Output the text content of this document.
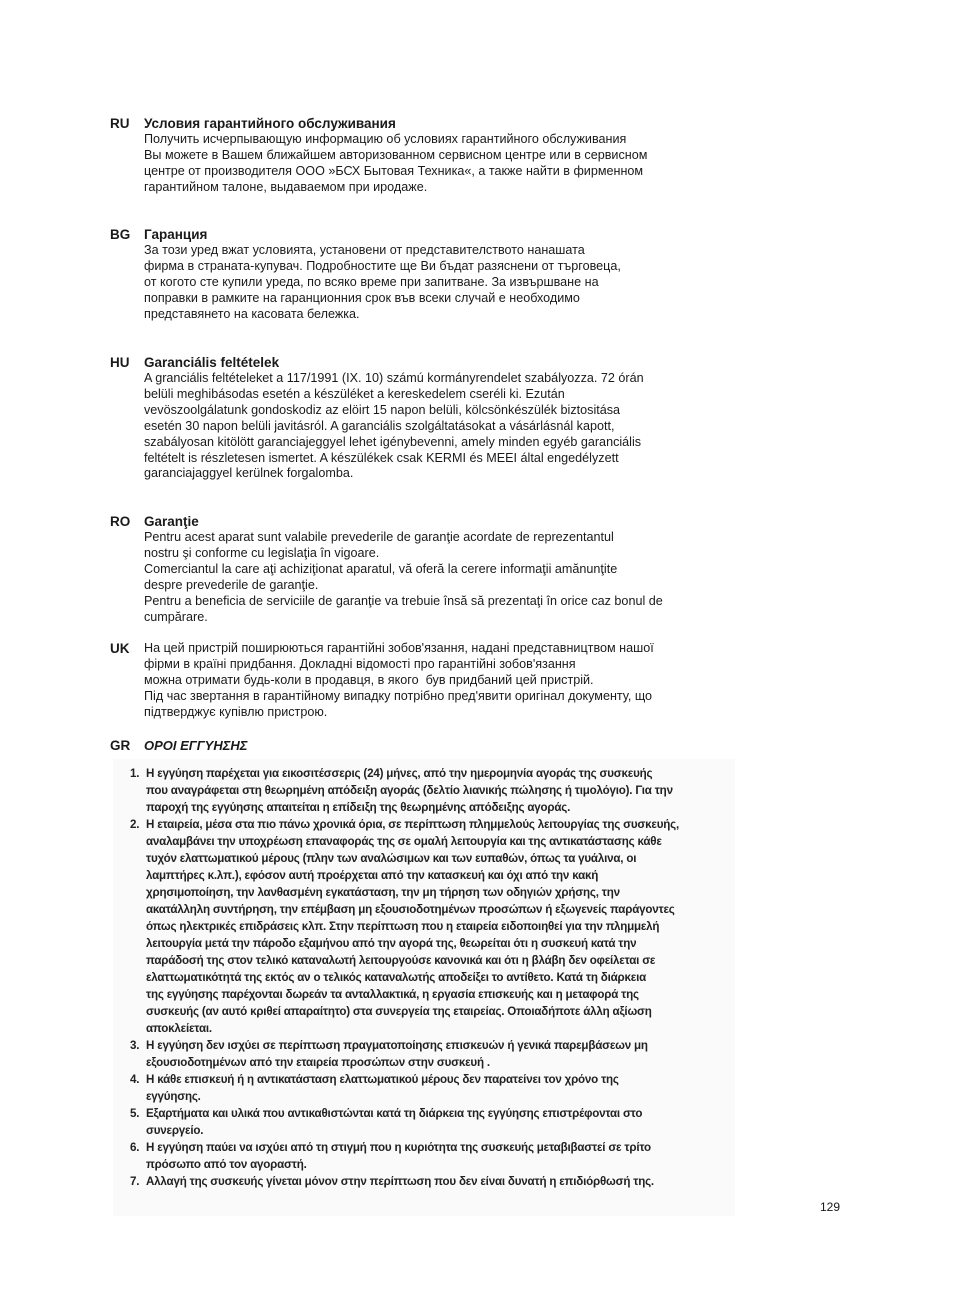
RU Условия гарантийного обслуживания
Получить исчерпывающую информацию об условиях гарантийного обслуживания
Вы можете в Вашем ближайшем авторизованном сервисном центре или в сервисном
центре от производителя ООО »БСХ Бытовая Техника«, а также найти в фирменном
гарантийном талоне, выдаваемом при иродаже.
BG Гаранция
За този уред вжат условията, установени от представителството нанашата
фирма в страната-купувач. Подробностите ще Ви бъдат разяснени от търговеца,
от когото сте купили уреда, по всяко време при запитване. За извършване на
поправки в рамките на гаранционния срок във всеки случай е необходимо
представянето на касовата бележка.
HU Garanciális feltételek
A granciális feltételeket a 117/1991 (IX. 10) számú kormányrendelet szabályozza. 72 órán
belüli meghibásodas esetén a készüléket a kereskedelem cseréli ki. Ezután
vevöszoolgálatunk gondoskodiz az elöirt 15 napon belüli, kölcsönkészülék biztositása
esetén 30 napon belüli javitásról. A garanciális szolgáltatásokat a vásárlásnál kapott,
szabályosan kitölött garanciajeggyel lehet igénybevenni, amely minden egyéb garanciális
feltételt is részletesen ismertet. A készülékek csak KERMI és MEEI által engedélyzett
garanciajaggyel kerülnek forgalomba.
RO Garanţie
Pentru acest aparat sunt valabile prevederile de garanţie acordate de reprezentantul
nostru şi conforme cu legislaţia în vigoare.
Comerciantul la care aţi achiziţionat aparatul, vă oferă la cerere informaţii amănunţite
despre prevederile de garanţie.
Pentru a beneficia de serviciile de garanţie va trebuie însă să prezentaţi în orice caz bonul de
cumpărare.
UK На цей пристрій поширюються гарантійні зобов'язання, надані представництвом нашої
фірми в країні придбання. Докладні відомості про гарантійні зобов'язання
можна отримати будь-коли в продавця, в якого  був придбаний цей пристрій.
Під час звертання в гарантійному випадку потрібно пред'явити оригінал документу, що
підтверджує купівлю пристрою.
GR ΟΡΟΙ ΕΓΓΥΗΣΗΣ
1. Η εγγύηση παρέχεται για εικοσιτέσσερις (24) μήνες, από την ημερομηνία αγοράς της συσκευής
που αναγράφεται στη θεωρημένη απόδειξη αγοράς (δελτίο λιανικής πώλησης ή τιμολόγιο). Για την
παροχή της εγγύησης απαιτείται η επίδειξη της θεωρημένης απόδειξης αγοράς.
2. Η εταιρεία, μέσα στα πιο πάνω χρονικά όρια, σε περίπτωση πλημμελούς λειτουργίας της συσκευής,
αναλαμβάνει την υποχρέωση επαναφοράς της σε ομαλή λειτουργία και της αντικατάστασης κάθε
τυχόν ελαττωματικού μέρους (πλην των αναλώσιμων και των ευπαθών, όπως τα γυάλινα, οι
λαμπτήρες κ.λπ.), εφόσον αυτή προέρχεται από την κατασκευή και όχι από την κακή
χρησιμοποίηση, την λανθασμένη εγκατάσταση, την μη τήρηση των οδηγιών χρήσης, την
ακατάλληλη συντήρηση, την επέμβαση μη εξουσιοδοτημένων προσώπων ή εξωγενείς παράγοντες
όπως ηλεκτρικές επιδράσεις κλπ. Στην περίπτωση που η εταιρεία ειδοποιηθεί για την πλημμελή
λειτουργία μετά την πάροδο εξαμήνου από την αγορά της, θεωρείται ότι η συσκευή κατά την
παράδοσή της στον τελικό καταναλωτή λειτουργούσε κανονικά και ότι η βλάβη δεν οφείλεται σε
ελαττωματικότητά της εκτός αν ο τελικός καταναλωτής αποδείξει το αντίθετο. Κατά τη διάρκεια
της εγγύησης παρέχονται δωρεάν τα ανταλλακτικά, η εργασία επισκευής και η μεταφορά της
συσκευής (αν αυτό κριθεί απαραίτητο) στα συνεργεία της εταιρείας. Οποιαδήποτε άλλη αξίωση
αποκλείεται.
3. Η εγγύηση δεν ισχύει σε περίπτωση πραγματοποίησης επισκευών ή γενικά παρεμβάσεων μη
εξουσιοδοτημένων από την εταιρεία προσώπων στην συσκευή .
4. Η κάθε επισκευή ή η αντικατάσταση ελαττωματικού μέρους δεν παρατείνει τον χρόνο της
εγγύησης.
5. Εξαρτήματα και υλικά που αντικαθιστώνται κατά τη διάρκεια της εγγύησης επιστρέφονται στο
συνεργείο.
6. Η εγγύηση παύει να ισχύει από τη στιγμή που η κυριότητα της συσκευής μεταβιβαστεί σε τρίτο
πρόσωπο από τον αγοραστή.
7. Αλλαγή της συσκευής γίνεται μόνον στην περίπτωση που δεν είναι δυνατή η επιδιόρθωσή της.
129
